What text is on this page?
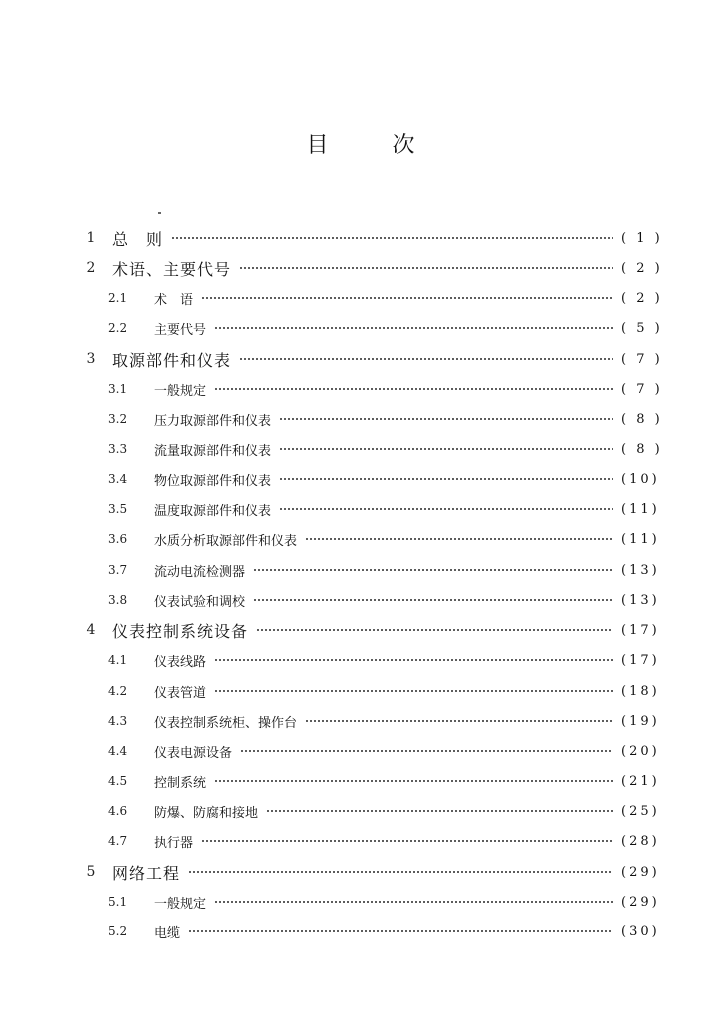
目	次
1	总　则	( 1 )
2	术语、主要代号	( 2 )
2.1	术　语	( 2 )
2.2	主要代号	( 5 )
3	取源部件和仪表	( 7 )
3.1	一般规定	( 7 )
3.2	压力取源部件和仪表	( 8 )
3.3	流量取源部件和仪表	( 8 )
3.4	物位取源部件和仪表	(10)
3.5	温度取源部件和仪表	(11)
3.6	水质分析取源部件和仪表	(11)
3.7	流动电流检测器	(13)
3.8	仪表试验和调校	(13)
4	仪表控制系统设备	(17)
4.1	仪表线路	(17)
4.2	仪表管道	(18)
4.3	仪表控制系统柜、操作台	(19)
4.4	仪表电源设备	(20)
4.5	控制系统	(21)
4.6	防爆、防腐和接地	(25)
4.7	执行器	(28)
5	网络工程	(29)
5.1	一般规定	(29)
5.2	电缆	(30)
